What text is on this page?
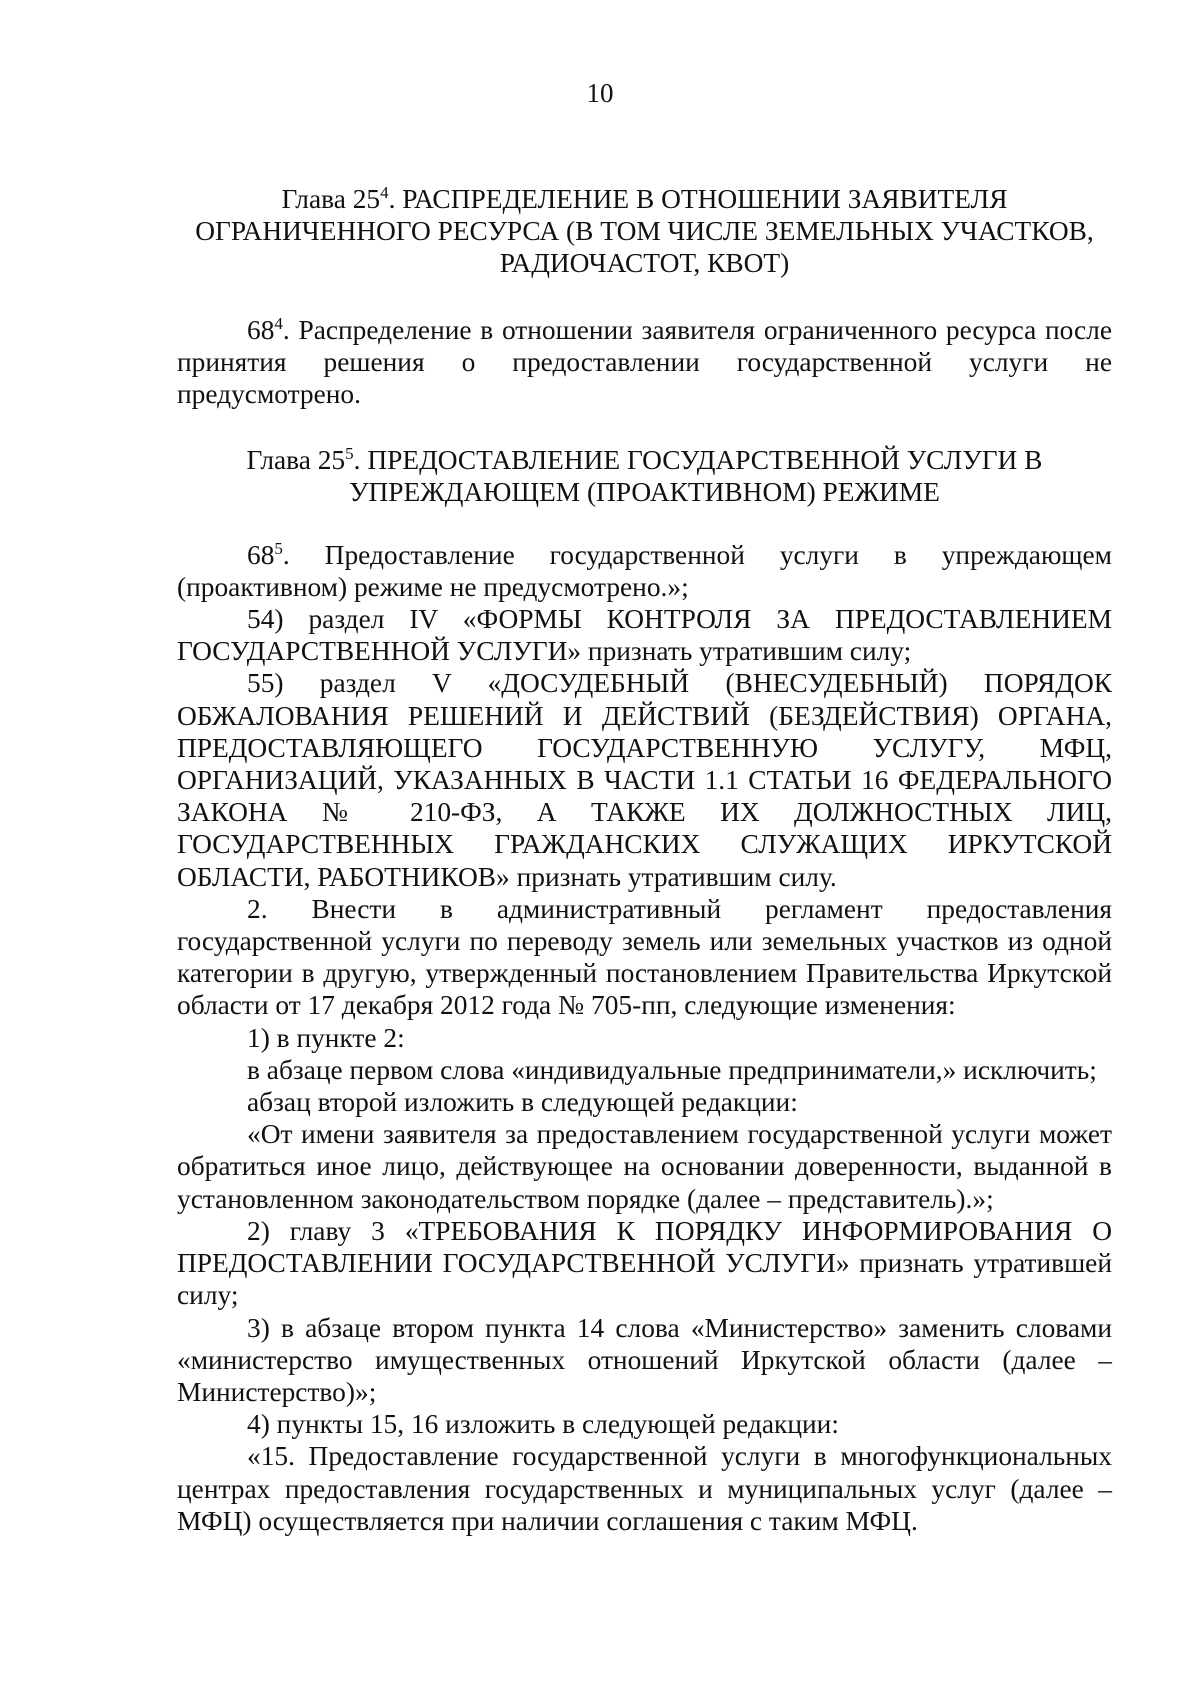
10

Глава $25^4$. РАСПРЕДЕЛЕНИЕ В ОТНОШЕНИИ ЗАЯВИТЕЛЯ ОГРАНИЧЕННОГО РЕСУРСА (В ТОМ ЧИСЛЕ ЗЕМЕЛЬНЫХ УЧАСТКОВ, РАДИОЧАСТОТ, КВОТ)

$68^4$. Распределение в отношении заявителя ограниченного ресурса после принятия решения о предоставлении государственной услуги не предусмотрено.

Глава $25^5$. ПРЕДОСТАВЛЕНИЕ ГОСУДАРСТВЕННОЙ УСЛУГИ В УПРЕЖДАЮЩЕМ (ПРОАКТИВНОМ) РЕЖИМЕ

$68^5$. Предоставление государственной услуги в упреждающем (проактивном) режиме не предусмотрено.»;

54) раздел IV «ФОРМЫ КОНТРОЛЯ ЗА ПРЕДОСТАВЛЕНИЕМ ГОСУДАРСТВЕННОЙ УСЛУГИ» признать утратившим силу;

55) раздел V «ДОСУДЕБНЫЙ (ВНЕСУДЕБНЫЙ) ПОРЯДОК ОБЖАЛОВАНИЯ РЕШЕНИЙ И ДЕЙСТВИЙ (БЕЗДЕЙСТВИЯ) ОРГАНА, ПРЕДОСТАВЛЯЮЩЕГО ГОСУДАРСТВЕННУЮ УСЛУГУ, МФЦ, ОРГАНИЗАЦИЙ, УКАЗАННЫХ В ЧАСТИ 1.1 СТАТЬИ 16 ФЕДЕРАЛЬНОГО ЗАКОНА № 210-ФЗ, А ТАКЖЕ ИХ ДОЛЖНОСТНЫХ ЛИЦ, ГОСУДАРСТВЕННЫХ ГРАЖДАНСКИХ СЛУЖАЩИХ ИРКУТСКОЙ ОБЛАСТИ, РАБОТНИКОВ» признать утратившим силу.

2. Внести в административный регламент предоставления государственной услуги по переводу земель или земельных участков из одной категории в другую, утвержденный постановлением Правительства Иркутской области от 17 декабря 2012 года № 705-пп, следующие изменения:

1) в пункте 2:

в абзаце первом слова «индивидуальные предприниматели,» исключить;

абзац второй изложить в следующей редакции:

«От имени заявителя за предоставлением государственной услуги может обратиться иное лицо, действующее на основании доверенности, выданной в установленном законодательством порядке (далее – представитель).»;

2) главу 3 «ТРЕБОВАНИЯ К ПОРЯДКУ ИНФОРМИРОВАНИЯ О ПРЕДОСТАВЛЕНИИ ГОСУДАРСТВЕННОЙ УСЛУГИ» признать утратившей силу;

3) в абзаце втором пункта 14 слова «Министерство» заменить словами «министерство имущественных отношений Иркутской области (далее – Министерство)»;

4) пункты 15, 16 изложить в следующей редакции:

«15. Предоставление государственной услуги в многофункциональных центрах предоставления государственных и муниципальных услуг (далее – МФЦ) осуществляется при наличии соглашения с таким МФЦ.
